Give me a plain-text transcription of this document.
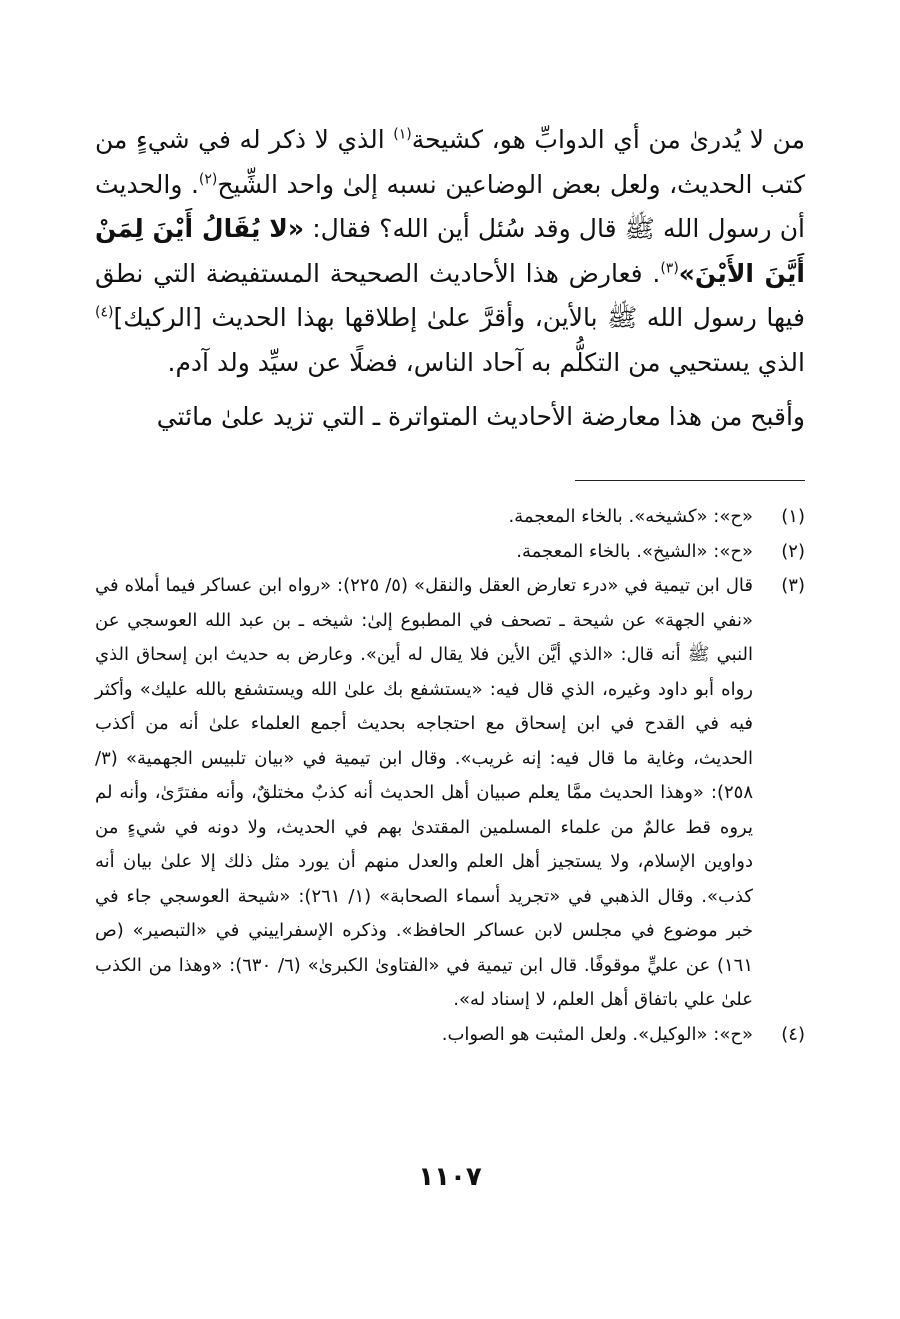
من لا يُدرىٰ من أي الدوابِّ هو، كشيحة$^{(١)}$ الذي لا ذكر له في شيءٍ من كتب الحديث، ولعل بعض الوضاعين نسبه إلىٰ واحد الشِّيح$^{(٢)}$. والحديث أن رسول الله ﷺ قال وقد سُئل أين الله؟ فقال: «لا يُقَالُ أَيْنَ لِمَنْ أَيَّنَ الأَيْنَ»$^{(٣)}$. فعارض هذا الأحاديث الصحيحة المستفيضة التي نطق فيها رسول الله ﷺ بالأين، وأقرَّ علىٰ إطلاقها بهذا الحديث [الركيك]$^{(٤)}$ الذي يستحيي من التكلُّم به آحاد الناس، فضلًا عن سيِّد ولد آدم.

وأقبح من هذا معارضة الأحاديث المتواترة ـ التي تزيد علىٰ مائتي

(١)
«ح»: «كشيخه». بالخاء المعجمة.
(٢)
«ح»: «الشيخ». بالخاء المعجمة.
(٣)
قال ابن تيمية في «درء تعارض العقل والنقل» (٥/ ٢٢٥): «رواه ابن عساكر فيما أملاه في «نفي الجهة» عن شيحة ـ تصحف في المطبوع إلىٰ: شيخه ـ بن عبد الله العوسجي عن النبي ﷺ أنه قال: «الذي أيَّن الأين فلا يقال له أين». وعارض به حديث ابن إسحاق الذي رواه أبو داود وغيره، الذي قال فيه: «يستشفع بك علىٰ الله ويستشفع بالله عليك» وأكثر فيه في القدح في ابن إسحاق مع احتجاجه بحديث أجمع العلماء علىٰ أنه من أكذب الحديث، وغاية ما قال فيه: إنه غريب». وقال ابن تيمية في «بيان تلبيس الجهمية» (٣/ ٢٥٨): «وهذا الحديث ممَّا يعلم صبيان أهل الحديث أنه كذبٌ مختلقٌ، وأنه مفترًىٰ، وأنه لم يروه قط عالمٌ من علماء المسلمين المقتدىٰ بهم في الحديث، ولا دونه في شيءٍ من دواوين الإسلام، ولا يستجيز أهل العلم والعدل منهم أن يورد مثل ذلك إلا علىٰ بيان أنه كذب». وقال الذهبي في «تجريد أسماء الصحابة» (١/ ٢٦١): «شيحة العوسجي جاء في خبر موضوع في مجلس لابن عساكر الحافظ». وذكره الإسفراييني في «التبصير» (ص ١٦١) عن عليٍّ موقوفًا. قال ابن تيمية في «الفتاوىٰ الكبرىٰ» (٦/ ٦٣٠): «وهذا من الكذب علىٰ علي باتفاق أهل العلم، لا إسناد له».
(٤)
«ح»: «الوكيل». ولعل المثبت هو الصواب.
١١٠٧
